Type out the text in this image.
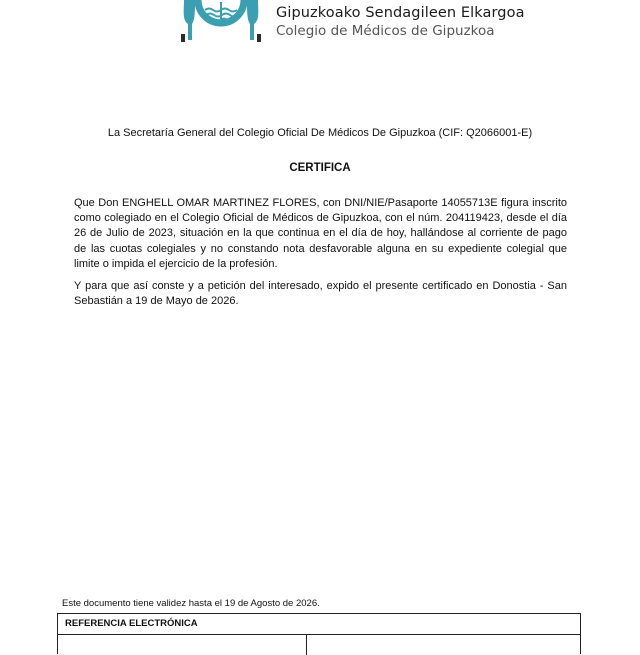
Gipuzkoako Sendagileen Elkargoa
Colegio de Médicos de Gipuzkoa
La Secretaría General del Colegio Oficial De Médicos De Gipuzkoa (CIF: Q2066001-E)
CERTIFICA
Que Don ENGHELL OMAR MARTINEZ FLORES, con DNI/NIE/Pasaporte 14055713E figura inscrito como colegiado en el Colegio Oficial de Médicos de Gipuzkoa, con el núm. 204119423, desde el día 26 de Julio de 2023, situación en la que continua en el día de hoy, hallándose al corriente de pago de las cuotas colegiales y no constando nota desfavorable alguna en su expediente colegial que limite o impida el ejercicio de la profesión.
Y para que así conste y a petición del interesado, expido el presente certificado en Donostia - San Sebastián a 19 de Mayo de 2026.
Este documento tiene validez hasta el 19 de Agosto de 2026.
REFERENCIA ELECTRÓNICA
